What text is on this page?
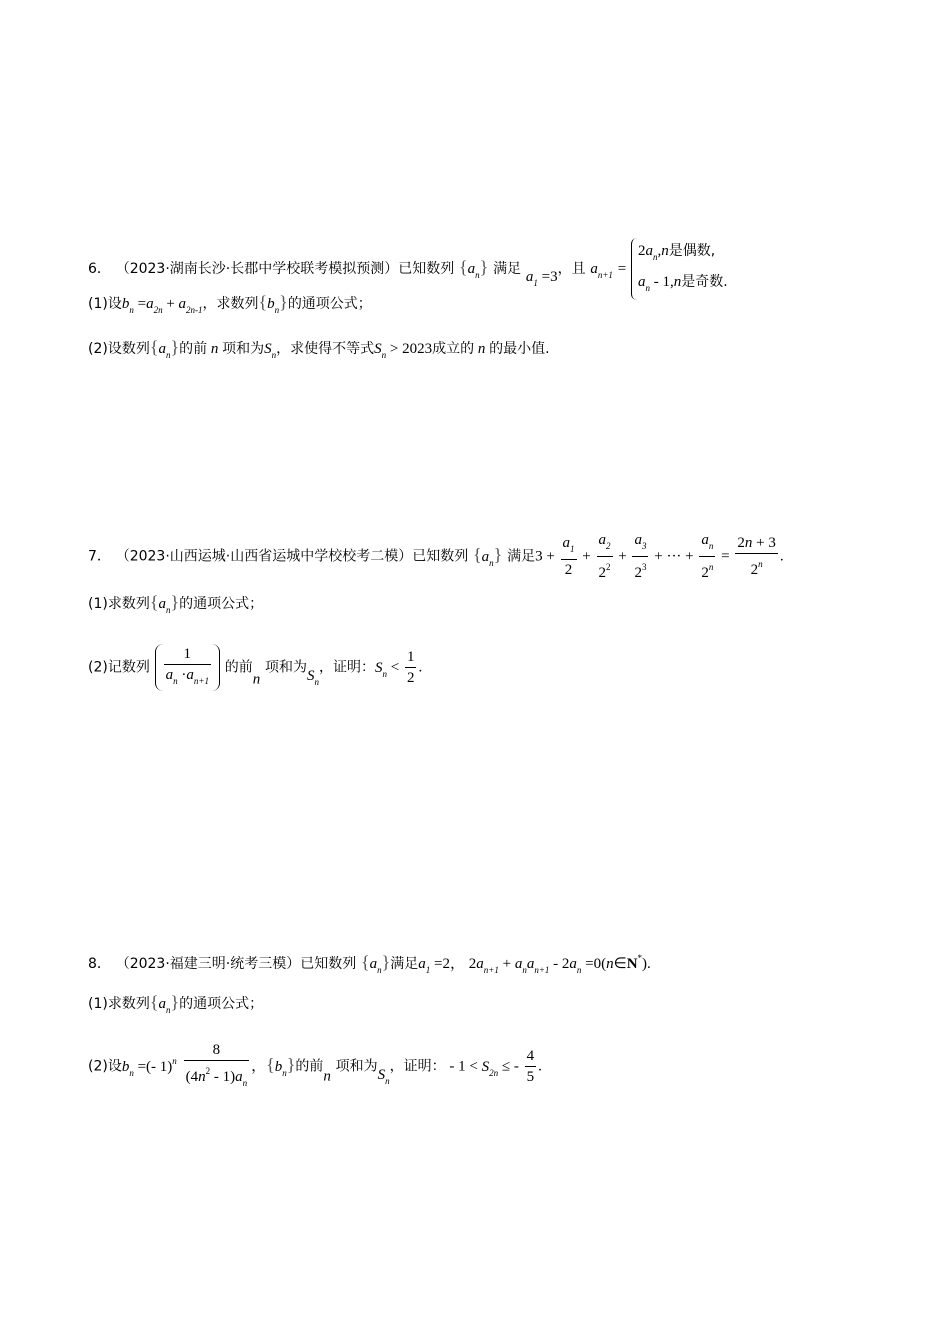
6． （2023·湖南长沙·长郡中学校联考模拟预测）已知数列 $\{a_n\}$ 满足 $a_1 =3$，且 $a_{n+1}$ =
$2a_n,n$是偶数,
$a_n - 1,n$是奇数.
(1)设$b_n =a_{2n} + a_{2n-1}$，求数列$\{b_n\}$的通项公式；
(2)设数列$\{a_n\}$的前 n 项和为$S_n$，求使得不等式$S_n > 2023$成立的 n 的最小值.
7． （2023·山西运城·山西省运城中学校校考二模）已知数列 $\{a_n\}$ 满足$3 + \frac{a_1}{2} + \frac{a_2}{2^2} + \frac{a_3}{2^3}$ + ··· + $\frac{a_n}{2^n} = \frac{2n + 3}{2^n}$ .
(1)求数列$\{a_n\}$的通项公式；
(2)记数列 $\frac{1}{a_n \cdot a_{n+1}}$ 的前n 项和为$S_n$，证明：$S_n < \frac{1}{2}$ .
8． （2023·福建三明·统考三模）已知数列 $\{a_n\}$满足$a_1 =2$， $2a_{n+1} + a_na_{n+1} - 2a_n$ =0(n∈N*).
(1)求数列$\{a_n\}$的通项公式；
(2)设$b_n$ =(- $1)^n \frac{8}{(4n^2 - 1)a_n}$ ，$\{b_n\}$的前n 项和为$S_n$，证明： - $1 < S_{2n}$ ≤ - $\frac{4}{5}$ .
